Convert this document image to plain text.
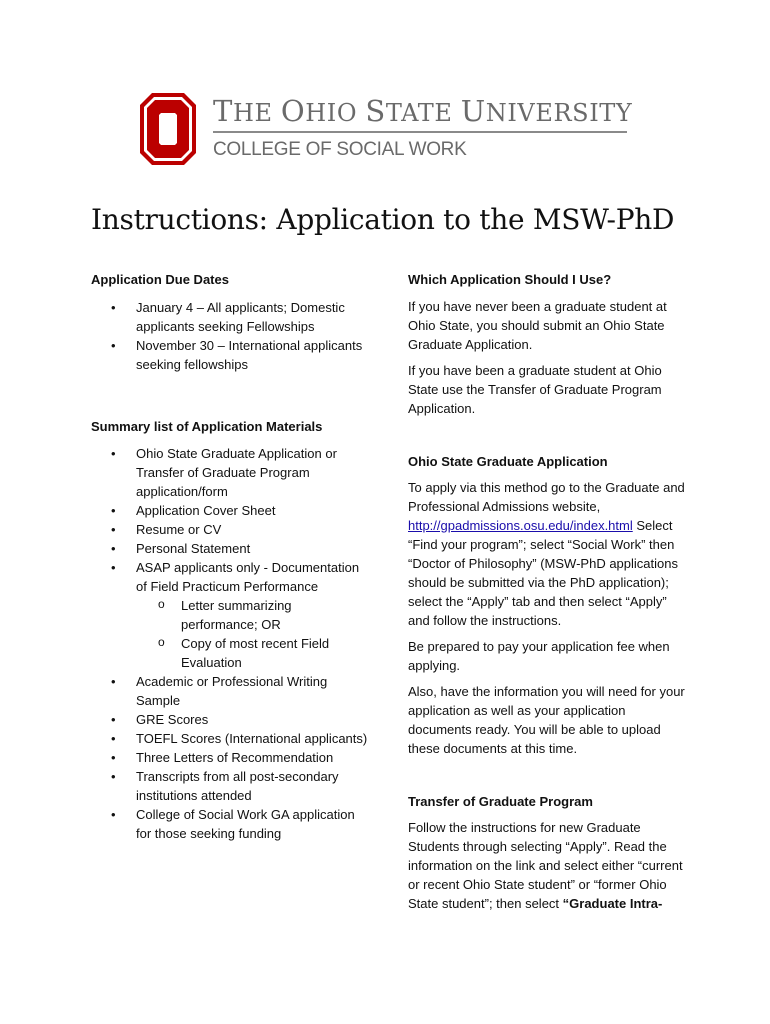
THE OHIO STATE UNIVERSITY
COLLEGE OF SOCIAL WORK
Instructions: Application to the MSW-PhD

Application Due Dates

• January 4 – All applicants; Domestic applicants seeking Fellowships
• November 30 – International applicants seeking fellowships

Summary list of Application Materials

• Ohio State Graduate Application or Transfer of Graduate Program application/form
• Application Cover Sheet
• Resume or CV
• Personal Statement
• ASAP applicants only - Documentation of Field Practicum Performance
o Letter summarizing performance; OR
o Copy of most recent Field Evaluation
• Academic or Professional Writing Sample
• GRE Scores
• TOEFL Scores (International applicants)
• Three Letters of Recommendation
• Transcripts from all post-secondary institutions attended
• College of Social Work GA application for those seeking funding

Which Application Should I Use?

If you have never been a graduate student at Ohio State, you should submit an Ohio State Graduate Application.

If you have been a graduate student at Ohio State use the Transfer of Graduate Program Application.

Ohio State Graduate Application

To apply via this method go to the Graduate and Professional Admissions website, http://gpadmissions.osu.edu/index.html Select “Find your program”; select “Social Work” then “Doctor of Philosophy” (MSW-PhD applications should be submitted via the PhD application); select the “Apply” tab and then select “Apply” and follow the instructions.

Be prepared to pay your application fee when applying.

Also, have the information you will need for your application as well as your application documents ready. You will be able to upload these documents at this time.

Transfer of Graduate Program

Follow the instructions for new Graduate Students through selecting “Apply”. Read the information on the link and select either “current or recent Ohio State student” or “former Ohio State student”; then select “Graduate Intra-
